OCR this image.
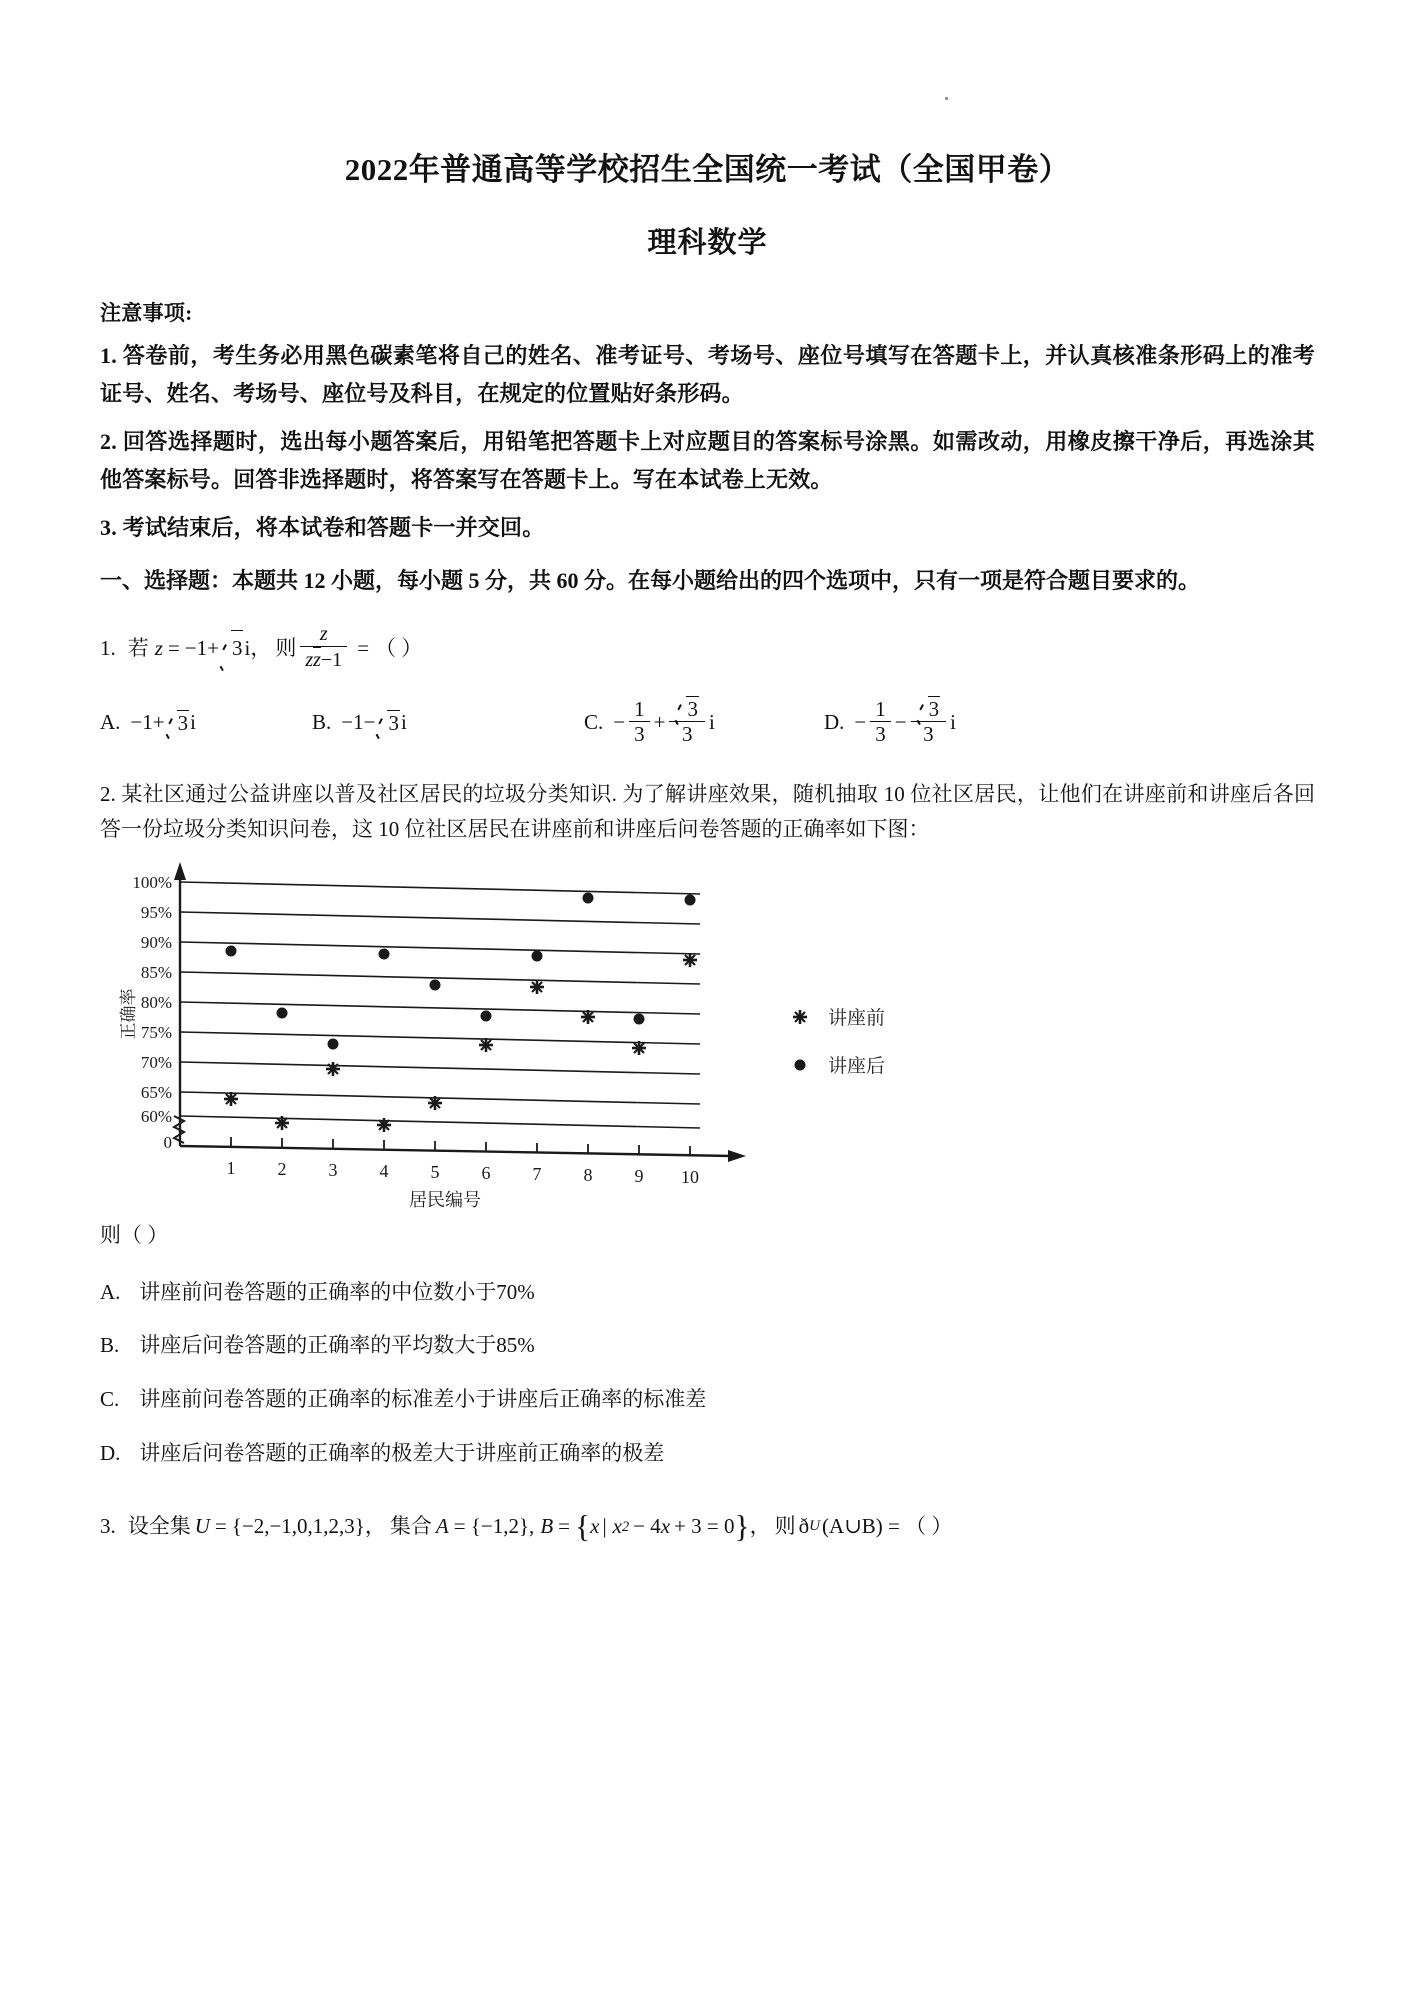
2022年普通高等学校招生全国统一考试（全国甲卷）
理科数学
注意事项:
1. 答卷前，考生务必用黑色碳素笔将自己的姓名、准考证号、考场号、座位号填写在答题卡上，并认真核准条形码上的准考证号、姓名、考场号、座位号及科目，在规定的位置贴好条形码。
2. 回答选择题时，选出每小题答案后，用铅笔把答题卡上对应题目的答案标号涂黑。如需改动，用橡皮擦干净后，再选涂其他答案标号。回答非选择题时，将答案写在答题卡上。写在本试卷上无效。
3. 考试结束后，将本试卷和答题卡一并交回。
一、选择题：本题共 12 小题，每小题 5 分，共 60 分。在每小题给出的四个选项中，只有一项是符合题目要求的。
1. 若 z = −1+ 3 i ， 则 $\frac{z}{zz-1}$ = （ ）
A. −1+ 3 i	B. −1− 3 i	C. − $\frac{1}{3} + \frac{3}{3}$ i	D. − $\frac{1}{3} - \frac{3}{3}$ i
2. 某社区通过公益讲座以普及社区居民的垃圾分类知识. 为了解讲座效果，随机抽取 10 位社区居民，让他们在讲座前和讲座后各回答一份垃圾分类知识问卷，这 10 位社区居民在讲座前和讲座后问卷答题的正确率如下图：
100%
95%
90%
85%
80%
75%
70%
65%
60%
0
正确率
1 2 3 4 5 6 7 8 9 10
居民编号
讲座前
讲座后
则（ ）
A. 讲座前问卷答题的正确率的中位数小于70%
B. 讲座后问卷答题的正确率的平均数大于85%
C. 讲座前问卷答题的正确率的标准差小于讲座后正确率的标准差
D. 讲座后问卷答题的正确率的极差大于讲座前正确率的极差
3. 设全集 U = {−2,−1,0,1,2,3} ， 集合 A = {−1,2}, B = { x | x 2 − 4 x + 3 = 0 } ， 则 ð U (A∪B) = （ ）
